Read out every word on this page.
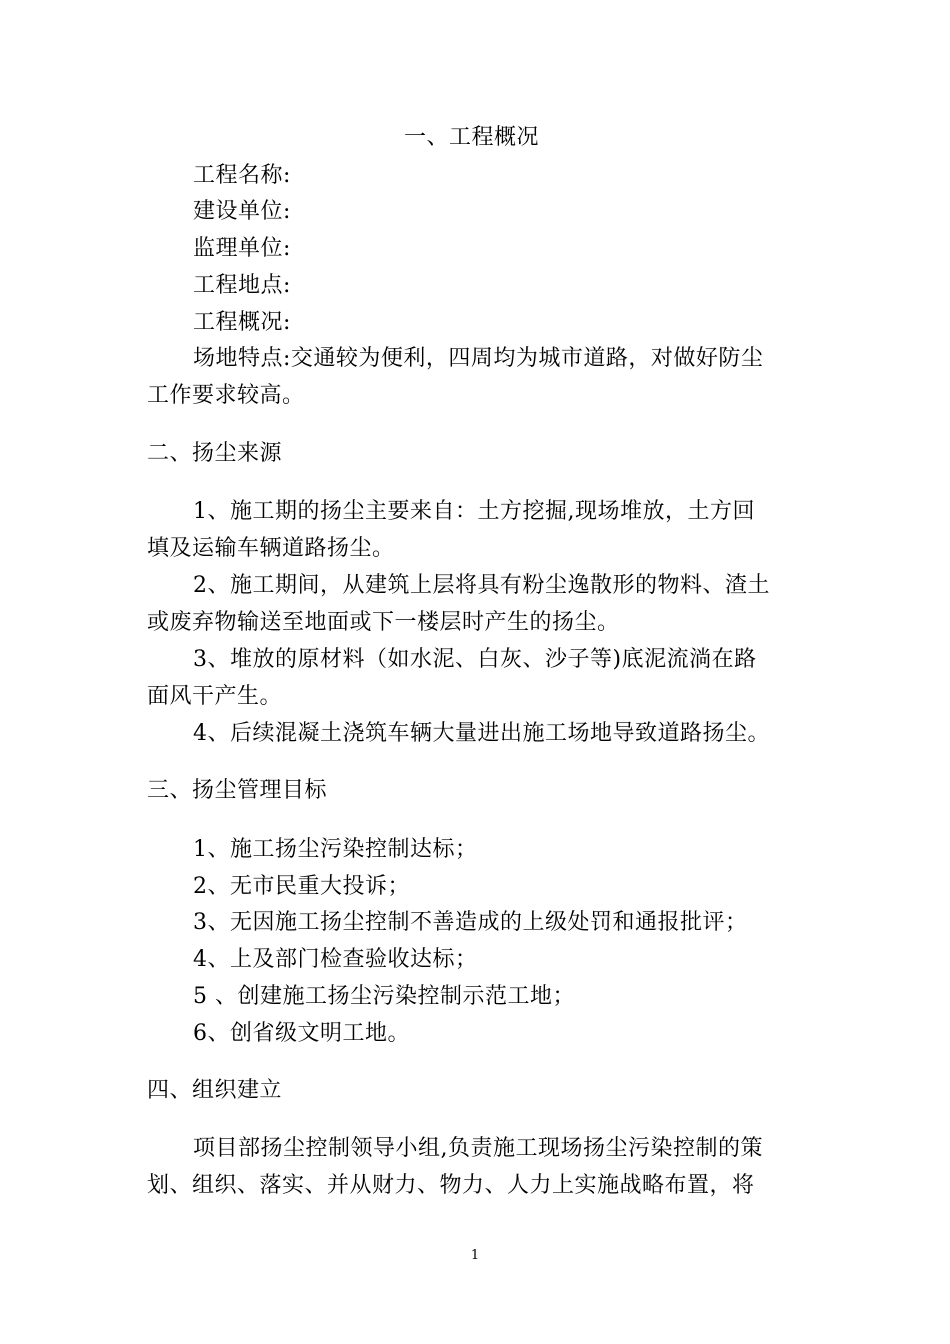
一、工程概况
工程名称:
建设单位:
监理单位:
工程地点:
工程概况:
场地特点:交通较为便利，四周均为城市道路，对做好防尘
工作要求较高。
二、扬尘来源
1、施工期的扬尘主要来自：土方挖掘,现场堆放，土方回
填及运输车辆道路扬尘。
2、施工期间，从建筑上层将具有粉尘逸散形的物料、渣土
或废弃物输送至地面或下一楼层时产生的扬尘。
3、堆放的原材料（如水泥、白灰、沙子等)底泥流淌在路
面风干产生。
4、后续混凝土浇筑车辆大量进出施工场地导致道路扬尘。
三、扬尘管理目标
1、施工扬尘污染控制达标；
2、无市民重大投诉；
3、无因施工扬尘控制不善造成的上级处罚和通报批评；
4、上及部门检查验收达标；
5 、创建施工扬尘污染控制示范工地；
6、创省级文明工地。
四、组织建立
项目部扬尘控制领导小组,负责施工现场扬尘污染控制的策
划、组织、落实、并从财力、物力、人力上实施战略布置，将
1
